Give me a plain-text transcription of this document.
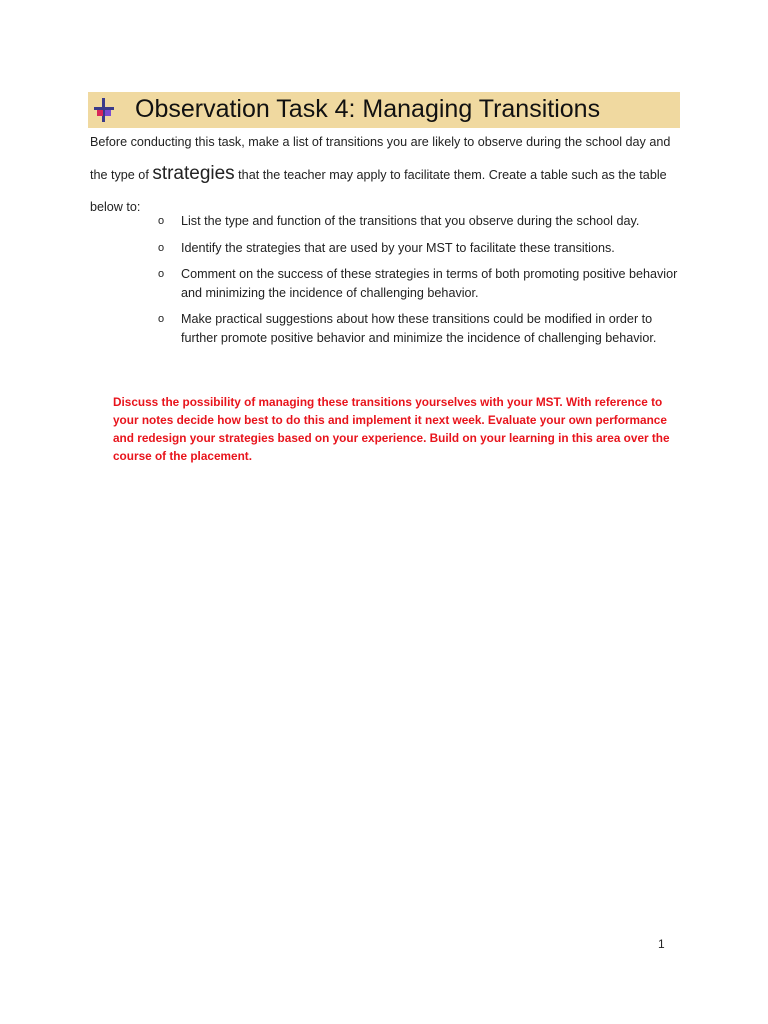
Observation Task 4: Managing Transitions
Before conducting this task, make a list of transitions you are likely to observe during the school day and the type of strategies that the teacher may apply to facilitate them. Create a table such as the table below to:
o List the type and function of the transitions that you observe during the school day.
o Identify the strategies that are used by your MST to facilitate these transitions.
o Comment on the success of these strategies in terms of both promoting positive behavior and minimizing the incidence of challenging behavior.
o Make practical suggestions about how these transitions could be modified in order to further promote positive behavior and minimize the incidence of challenging behavior.
Discuss the possibility of managing these transitions yourselves with your MST. With reference to your notes decide how best to do this and implement it next week. Evaluate your own performance and redesign your strategies based on your experience. Build on your learning in this area over the course of the placement.
1
